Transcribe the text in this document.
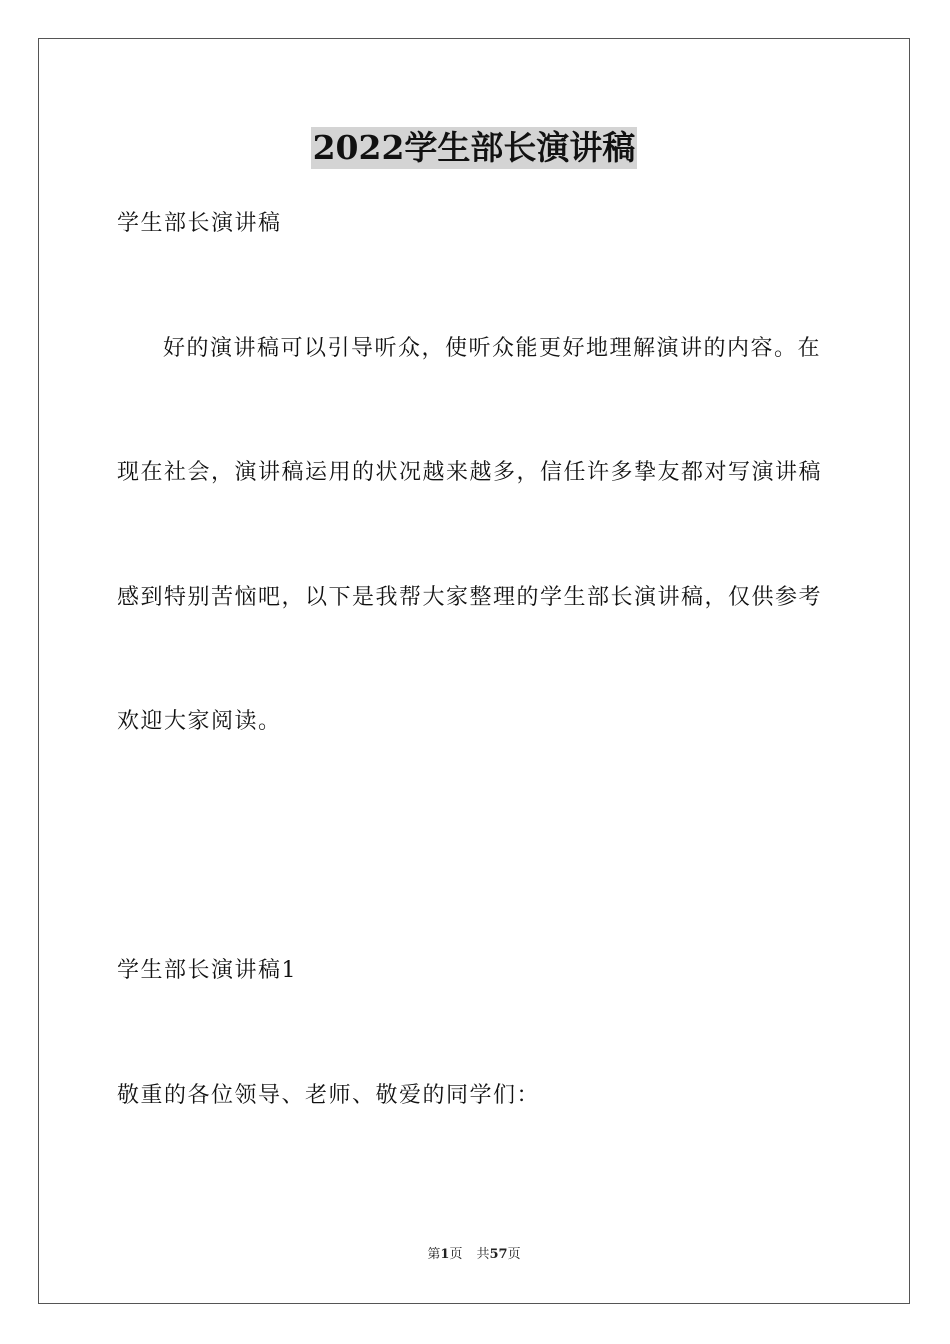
2022学生部长演讲稿
学生部长演讲稿
好的演讲稿可以引导听众，使听众能更好地理解演讲的内容。在
现在社会，演讲稿运用的状况越来越多，信任许多挚友都对写演讲稿
感到特别苦恼吧，以下是我帮大家整理的学生部长演讲稿，仅供参考
欢迎大家阅读。
学生部长演讲稿1
敬重的各位领导、老师、敬爱的同学们：
第1页 共57页
